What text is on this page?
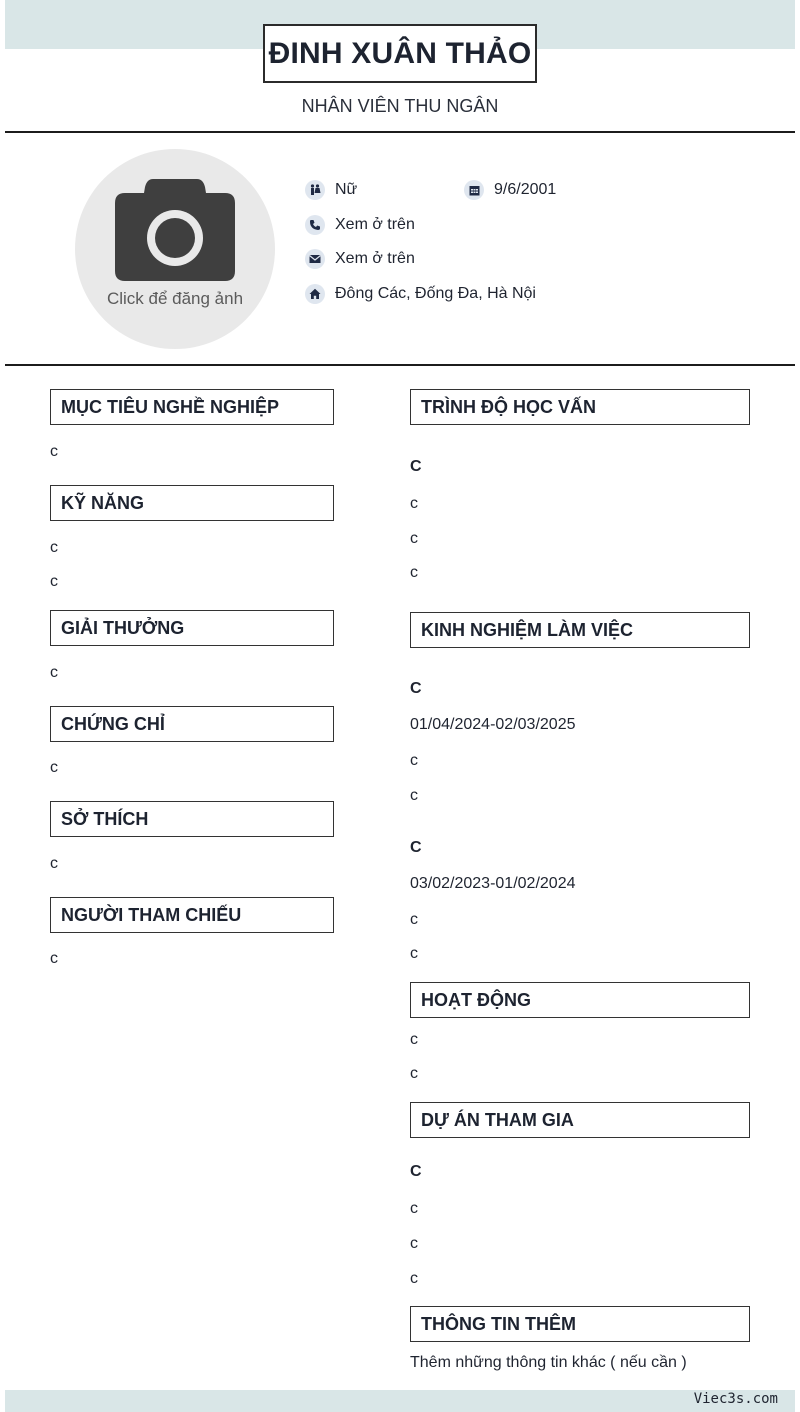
ĐINH XUÂN THẢO
NHÂN VIÊN THU NGÂN
Click để đăng ảnh
Nữ	9/6/2001
Xem ở trên
Xem ở trên
Đông Các, Đống Đa, Hà Nội
MỤC TIÊU NGHỀ NGHIỆP
c
KỸ NĂNG
c
c
GIẢI THƯỞNG
c
CHỨNG CHỈ
c
SỞ THÍCH
c
NGƯỜI THAM CHIẾU
c
TRÌNH ĐỘ HỌC VẤN
C
c
c
c
KINH NGHIỆM LÀM VIỆC
C
01/04/2024-02/03/2025
c
c
C
03/02/2023-01/02/2024
c
c
HOẠT ĐỘNG
c
c
DỰ ÁN THAM GIA
C
c
c
c
THÔNG TIN THÊM
Thêm những thông tin khác ( nếu cần )
Viec3s.com
